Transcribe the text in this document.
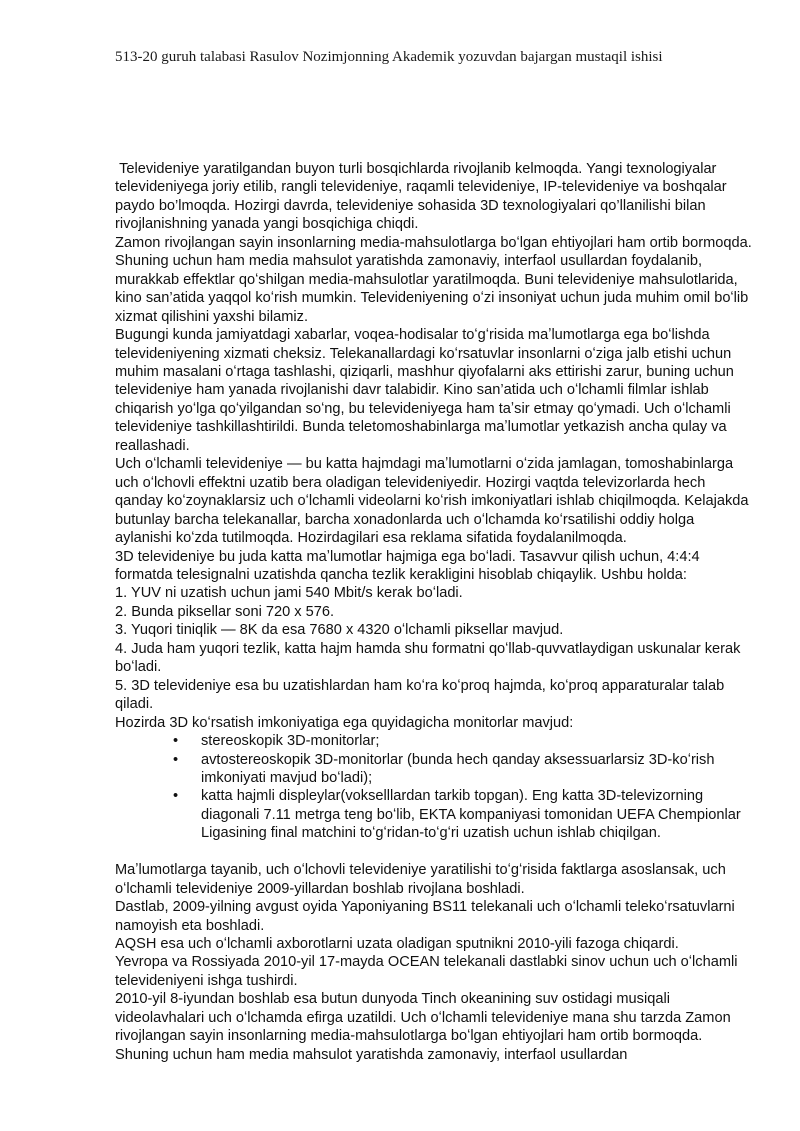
513-20 guruh talabasi Rasulov Nozimjonning Akademik yozuvdan bajargan mustaqil ishisi

Televideniye yaratilgandan buyon turli bosqichlarda rivojlanib kelmoqda. Yangi texnologiyalar televideniyega joriy etilib, rangli televideniye, raqamli televideniye, IP-televideniye va boshqalar paydo bo’lmoqda. Hozirgi davrda, televideniye sohasida 3D texnologiyalari qo’llanilishi bilan rivojlanishning yanada yangi bosqichiga chiqdi.

Zamon rivojlangan sayin insonlarning media-mahsulotlarga boʻlgan ehtiyojlari ham ortib bormoqda. Shuning uchun ham media mahsulot yaratishda zamonaviy, interfaol usullardan foydalanib, murakkab effektlar qoʻshilgan media-mahsulotlar yaratilmoqda. Buni televideniye mahsulotlarida, kino san’atida yaqqol koʻrish mumkin. Televideniyening oʻzi insoniyat uchun juda muhim omil boʻlib xizmat qilishini yaxshi bilamiz.

Bugungi kunda jamiyatdagi xabarlar, voqea-hodisalar toʻgʻrisida maʼlumotlarga ega boʻlishda televideniyening xizmati cheksiz. Telekanallardagi koʻrsatuvlar insonlarni oʻziga jalb etishi uchun muhim masalani oʻrtaga tashlashi, qiziqarli, mashhur qiyofalarni aks ettirishi zarur, buning uchun televideniye ham yanada rivojlanishi davr talabidir. Kino san’atida uch oʻlchamli filmlar ishlab chiqarish yoʻlga qoʻyilgandan soʻng, bu televideniyega ham taʼsir etmay qoʻymadi. Uch oʻlchamli televideniye tashkillashtirildi. Bunda teletomoshabinlarga maʼlumotlar yetkazish ancha qulay va reallashadi.

Uch oʻlchamli televideniye — bu katta hajmdagi maʼlumotlarni oʻzida jamlagan, tomoshabinlarga uch oʻlchovli effektni uzatib bera oladigan televideniyedir. Hozirgi vaqtda televizorlarda hech qanday koʻzoynaklarsiz uch oʻlchamli videolarni koʻrish imkoniyatlari ishlab chiqilmoqda. Kelajakda butunlay barcha telekanallar, barcha xonadonlarda uch oʻlchamda koʻrsatilishi oddiy holga aylanishi koʻzda tutilmoqda. Hozirdagilari esa reklama sifatida foydalanilmoqda.

3D televideniye bu juda katta maʼlumotlar hajmiga ega boʻladi. Tasavvur qilish uchun, 4:4:4 formatda telesignalni uzatishda qancha tezlik kerakligini hisoblab chiqaylik. Ushbu holda:

1. YUV ni uzatish uchun jami 540 Mbit/s kerak boʻladi.

2. Bunda piksellar soni 720 x 576.

3. Yuqori tiniqlik — 8K da esa 7680 x 4320 oʻlchamli piksellar mavjud.

4. Juda ham yuqori tezlik, katta hajm hamda shu formatni qoʻllab-quvvatlaydigan uskunalar kerak boʻladi.

5. 3D televideniye esa bu uzatishlardan ham koʻra koʻproq hajmda, koʻproq apparaturalar talab qiladi.

Hozirda 3D koʻrsatish imkoniyatiga ega quyidagicha monitorlar mavjud:

• stereoskopik 3D-monitorlar;
• avtostereoskopik 3D-monitorlar (bunda hech qanday aksessuarlarsiz 3D-koʻrish imkoniyati mavjud boʻladi);
• katta hajmli displeylar(vokselllardan tarkib topgan). Eng katta 3D-televizorning diagonali 7.11 metrga teng boʻlib, EKTA kompaniyasi tomonidan UEFA Chempionlar Ligasining final matchini toʻgʻridan-toʻgʻri uzatish uchun ishlab chiqilgan.

Maʼlumotlarga tayanib, uch oʻlchovli televideniye yaratilishi toʻgʻrisida faktlarga asoslansak, uch oʻlchamli televideniye 2009-yillardan boshlab rivojlana boshladi.

Dastlab, 2009-yilning avgust oyida Yaponiyaning BS11 telekanali uch oʻlchamli telekoʻrsatuvlarni namoyish eta boshladi.

AQSH esa uch oʻlchamli axborotlarni uzata oladigan sputnikni 2010-yili fazoga chiqardi.

Yevropa va Rossiyada 2010-yil 17-mayda OCEAN telekanali dastlabki sinov uchun uch oʻlchamli televideniyeni ishga tushirdi.

2010-yil 8-iyundan boshlab esa butun dunyoda Tinch okeanining suv ostidagi musiqali videolavhalari uch oʻlchamda efirga uzatildi. Uch oʻlchamli televideniye mana shu tarzda Zamon rivojlangan sayin insonlarning media-mahsulotlarga boʻlgan ehtiyojlari ham ortib bormoqda. Shuning uchun ham media mahsulot yaratishda zamonaviy, interfaol usullardan
